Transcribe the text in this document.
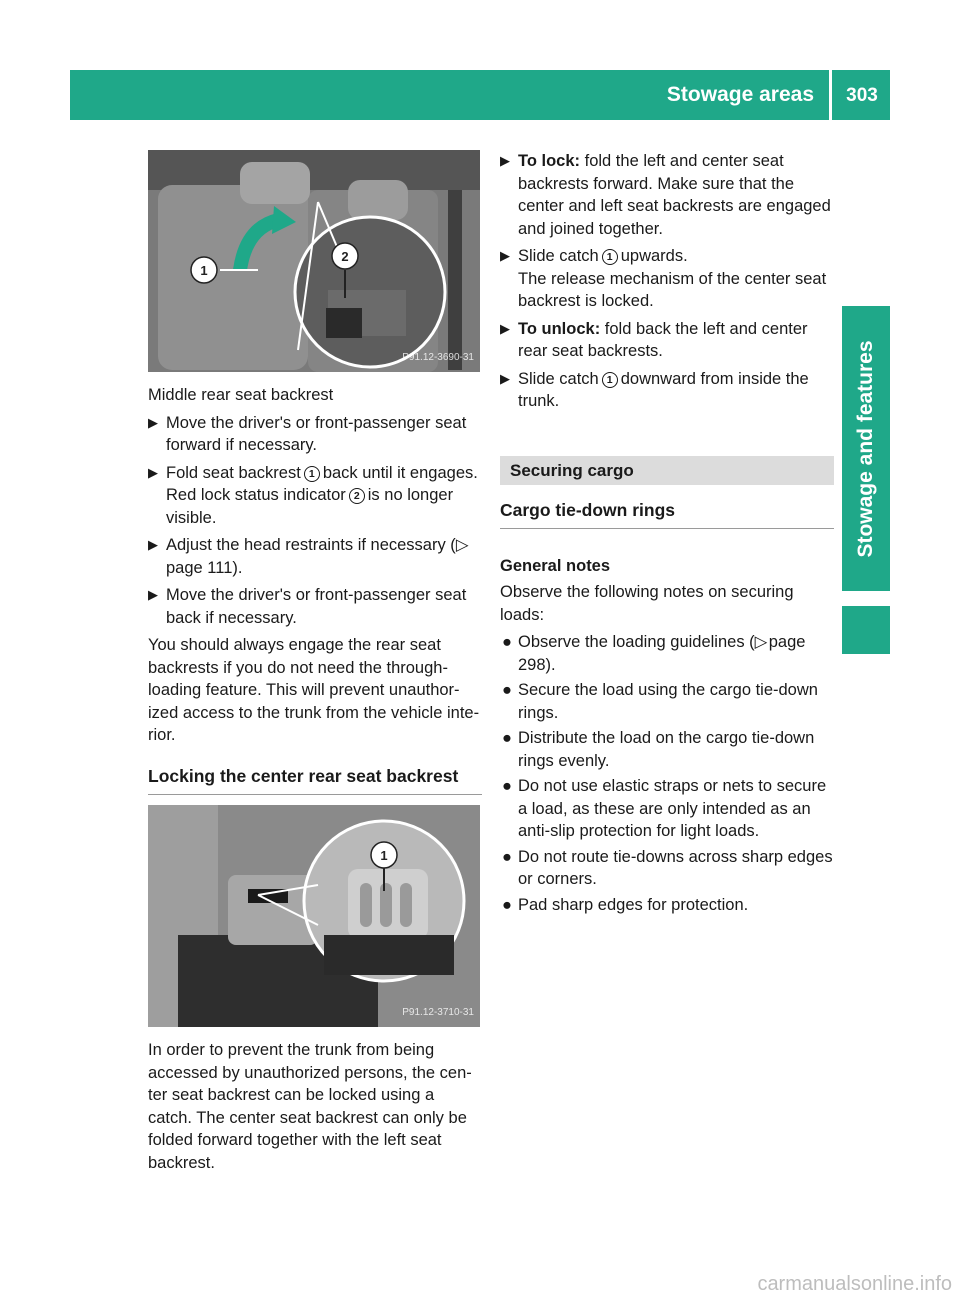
Stowage areas	303
Stowage and features
1
2
P91.12-3690-31

Middle rear seat backrest

▶ Move the driver's or front-passenger seat forward if necessary.
▶ Fold seat backrest 1 back until it engages. Red lock status indicator 2 is no longer visible.
▶ Adjust the head restraints if necessary (▷ page 111).
▶ Move the driver's or front-passenger seat back if necessary.

You should always engage the rear seat backrests if you do not need the through-loading feature. This will prevent unauthor-ized access to the trunk from the vehicle inte-rior.

Locking the center rear seat backrest
1
P91.12-3710-31

In order to prevent the trunk from being accessed by unauthorized persons, the cen-ter seat backrest can be locked using a catch. The center seat backrest can only be folded forward together with the left seat backrest.

▶ To lock: fold the left and center seat backrests forward. Make sure that the center and left seat backrests are engaged and joined together.
▶ Slide catch 1 upwards.
The release mechanism of the center seat backrest is locked.
▶ To unlock: fold back the left and center rear seat backrests.
▶ Slide catch 1 downward from inside the trunk.
Securing cargo
Cargo tie-down rings
General notes

Observe the following notes on securing loads:

● Observe the loading guidelines (▷ page 298).
● Secure the load using the cargo tie-down rings.
● Distribute the load on the cargo tie-down rings evenly.
● Do not use elastic straps or nets to secure a load, as these are only intended as an anti-slip protection for light loads.
● Do not route tie-downs across sharp edges or corners.
● Pad sharp edges for protection.
carmanualsonline.info
